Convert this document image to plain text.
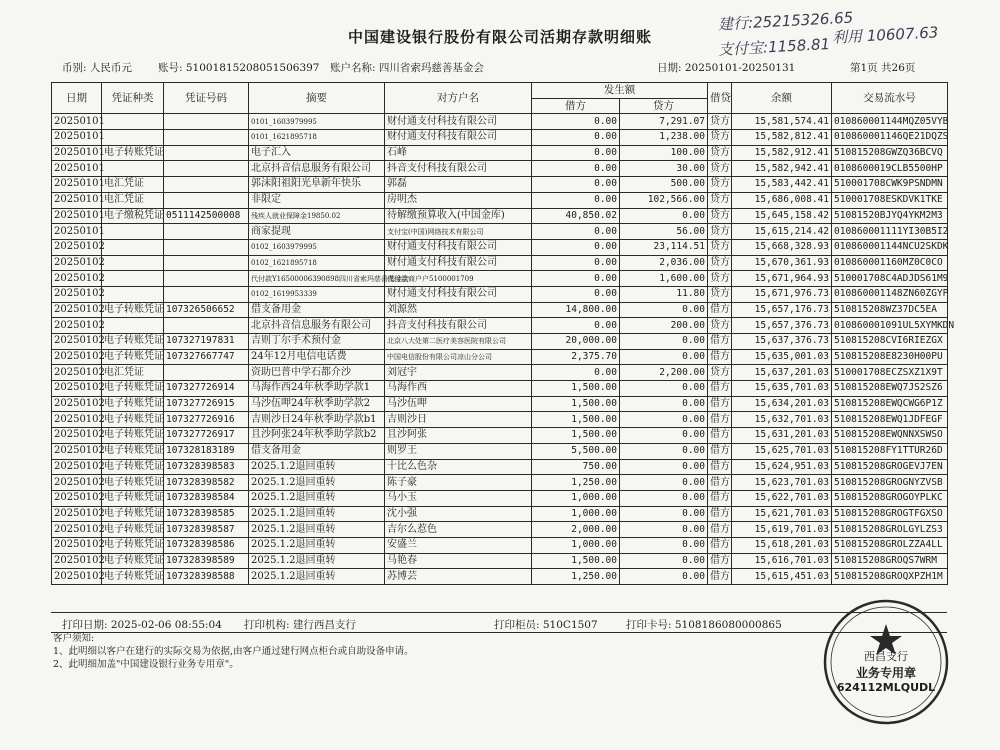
中国建设银行股份有限公司活期存款明细账
建行:25215326.65
支付宝:1158.81
利用 10607.63
币别: 人民币元 账号: 51001815208051506397 账户名称: 四川省索玛慈善基金会	日期: 20250101-20250131	第1页 共26页
日期	凭证种类	凭证号码	摘要	对方户名	发生额		借贷	余额	交易流水号
					借方	贷方			
20250101			0101_1603979995	财付通支付科技有限公司	0.00	7,291.07	贷方	15,581,574.41	010860001144MQZ05VYB
20250101			0101_1621895718	财付通支付科技有限公司	0.00	1,238.00	贷方	15,582,812.41	010860001146QE21DQZS
20250101	电子转账凭证		电子汇入	石峰	0.00	100.00	贷方	15,582,912.41	510815208GWZQ36BCVQ
20250101			北京抖音信息服务有限公司	抖音支付科技有限公司	0.00	30.00	贷方	15,582,942.41	0108600019CLB5500HP
20250101	电汇凭证		郭沫阳祖阳光阜新年快乐	郭磊	0.00	500.00	贷方	15,583,442.41	510001708CWK9PSNDMN
20250101	电汇凭证		非限定	房明杰	0.00	102,566.00	贷方	15,686,008.41	510001708ESKDVK1TKE
20250101	电子缴税凭证	0511142500008	残疾人就业保障金19850.02	待解缴预算收入(中国金库)	40,850.02	0.00	贷方	15,645,158.42	51081520BJYQ4YKM2M3
20250101			商家提现	支付宝(中国)网络技术有限公司	0.00	56.00	贷方	15,615,214.42	010860001111YI30B5I2
20250102			0102_1603979995	财付通支付科技有限公司	0.00	23,114.51	贷方	15,668,328.93	010860001144NCU2SKDK
20250102			0102_1621895718	财付通支付科技有限公司	0.00	2,036.00	贷方	15,670,361.93	010860001160MZ0C0CO
20250102			代付款Y16500006390898四川省索玛慈善基金会	代付款商户户5100001709	0.00	1,600.00	贷方	15,671,964.93	510001708C4ADJDS61M9
20250102			0102_1619953339	财付通支付科技有限公司	0.00	11.80	贷方	15,671,976.73	010860001148ZN60ZGYP
20250102	电子转账凭证	107326506652	借支备用金	刘源然	14,800.00	0.00	借方	15,657,176.73	510815208WZ37DC5EA
20250102			北京抖音信息服务有限公司	抖音支付科技有限公司	0.00	200.00	贷方	15,657,376.73	010860001091UL5XYMKDN
20250102	电子转账凭证	107327197831	吉则丁尔手术预付金	北京八大处第二医疗美容医院有限公司	20,000.00	0.00	借方	15,637,376.73	510815208CVI6RIEZGX
20250102	电子转账凭证	107327667747	24年12月电信电话费	中国电信股份有限公司凉山分公司	2,375.70	0.00	借方	15,635,001.03	510815208E8230H00PU
20250102	电汇凭证		资助巴普中学石都介沙	刘冠宇	0.00	2,200.00	贷方	15,637,201.03	510001708ECZSXZ1X9T
20250102	电子转账凭证	107327726914	马海作西24年秋季助学款1	马海作西	1,500.00	0.00	借方	15,635,701.03	510815208EWQ7JS2SZ6
20250102	电子转账凭证	107327726915	马沙伍呷24年秋季助学款2	马沙伍呷	1,500.00	0.00	借方	15,634,201.03	510815208EWQCWG6P1Z
20250102	电子转账凭证	107327726916	吉则沙日24年秋季助学款b1	吉则沙日	1,500.00	0.00	借方	15,632,701.03	510815208EWQ1JDFEGF
20250102	电子转账凭证	107327726917	且沙阿张24年秋季助学款b2	且沙阿张	1,500.00	0.00	借方	15,631,201.03	510815208EWQNNXSWSO
20250102	电子转账凭证	107328183189	借支备用金	则罗王	5,500.00	0.00	借方	15,625,701.03	510815208FY1TTUR26D
20250102	电子转账凭证	107328398583	2025.1.2退回重转	十比么色杂	750.00	0.00	借方	15,624,951.03	510815208GROGEVJ7EN
20250102	电子转账凭证	107328398582	2025.1.2退回重转	陈子豪	1,250.00	0.00	借方	15,623,701.03	510815208GROGNYZVSB
20250102	电子转账凭证	107328398584	2025.1.2退回重转	马小玉	1,000.00	0.00	借方	15,622,701.03	510815208GROGOYPLKC
20250102	电子转账凭证	107328398585	2025.1.2退回重转	沈小强	1,000.00	0.00	借方	15,621,701.03	510815208GROGTFGXSO
20250102	电子转账凭证	107328398587	2025.1.2退回重转	吉尔么惹色	2,000.00	0.00	借方	15,619,701.03	510815208GROLGYLZS3
20250102	电子转账凭证	107328398586	2025.1.2退回重转	安盛兰	1,000.00	0.00	借方	15,618,201.03	510815208GROLZZA4LL
20250102	电子转账凭证	107328398589	2025.1.2退回重转	马艳春	1,500.00	0.00	借方	15,616,701.03	510815208GROQS7WRM
20250102	电子转账凭证	107328398588	2025.1.2退回重转	苏博芸	1,250.00	0.00	借方	15,615,451.03	510815208GROQXPZH1M
打印日期: 2025-02-06 08:55:04 打印机构: 建行西昌支行	打印柜员: 510C1507	打印卡号: 5108186080000865
客户须知:
1、此明细以客户在建行的实际交易为依据,由客户通过建行网点柜台或自助设备申请。
2、此明细加盖"中国建设银行业务专用章"。
西昌支行
业务专用章
624112MLQUDL
